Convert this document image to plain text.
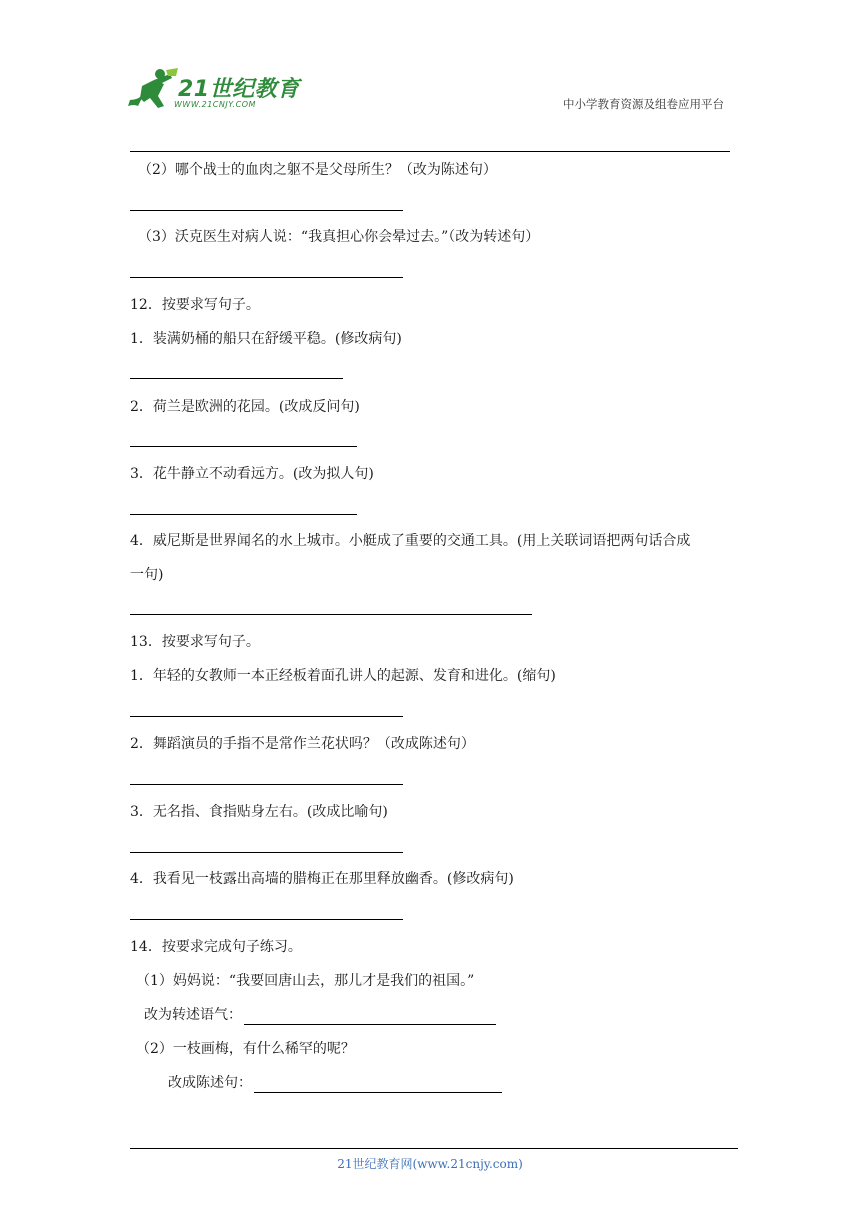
21世纪教育
WWW.21CNJY.COM	中小学教育资源及组卷应用平台
（2）哪个战士的血肉之躯不是父母所生？（改为陈述句）
（3）沃克医生对病人说：“我真担心你会晕过去。”（改为转述句）
12．按要求写句子。
1．装满奶桶的船只在舒缓平稳。(修改病句)
2．荷兰是欧洲的花园。(改成反问句)
3．花牛静立不动看远方。(改为拟人句)
4．威尼斯是世界闻名的水上城市。小艇成了重要的交通工具。(用上关联词语把两句话合成
一句)
13．按要求写句子。
1．年轻的女教师一本正经板着面孔讲人的起源、发育和进化。(缩句)
2．舞蹈演员的手指不是常作兰花状吗？（改成陈述句）
3．无名指、食指贴身左右。(改成比喻句)
4．我看见一枝露出高墙的腊梅正在那里释放幽香。(修改病句)
14．按要求完成句子练习。
（1）妈妈说：“我要回唐山去，那儿才是我们的祖国。”
改为转述语气：
（2）一枝画梅，有什么稀罕的呢？
改成陈述句：
21世纪教育网(www.21cnjy.com)
